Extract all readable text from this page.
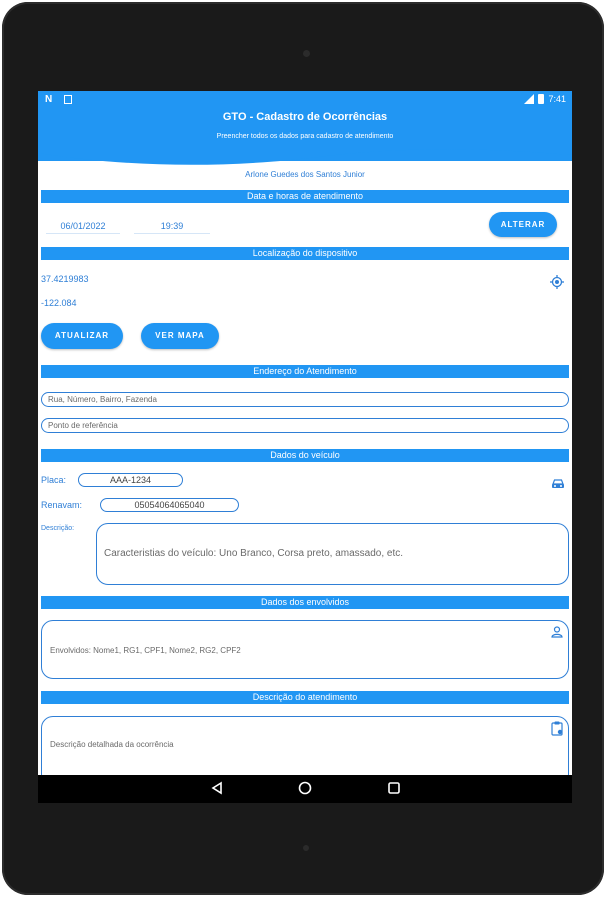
N	7:41
GTO - Cadastro de Ocorrências
Preencher todos os dados para cadastro de atendimento
Arlone Guedes dos Santos Junior
Data e horas de atendimento
06/01/2022	19:39	ALTERAR
Localização do dispositivo
37.4219983
-122.084
ATUALIZAR	VER MAPA
Endereço do Atendimento
Rua, Número, Bairro, Fazenda
Ponto de referência
Dados do veículo
Placa:	AAA-1234
Renavam:	05054064065040
Descrição:
Caracteristias do veículo: Uno Branco, Corsa preto, amassado, etc.
Dados dos envolvidos
Envolvidos: Nome1, RG1, CPF1, Nome2, RG2, CPF2
Descrição do atendimento
Descrição detalhada da ocorrência
